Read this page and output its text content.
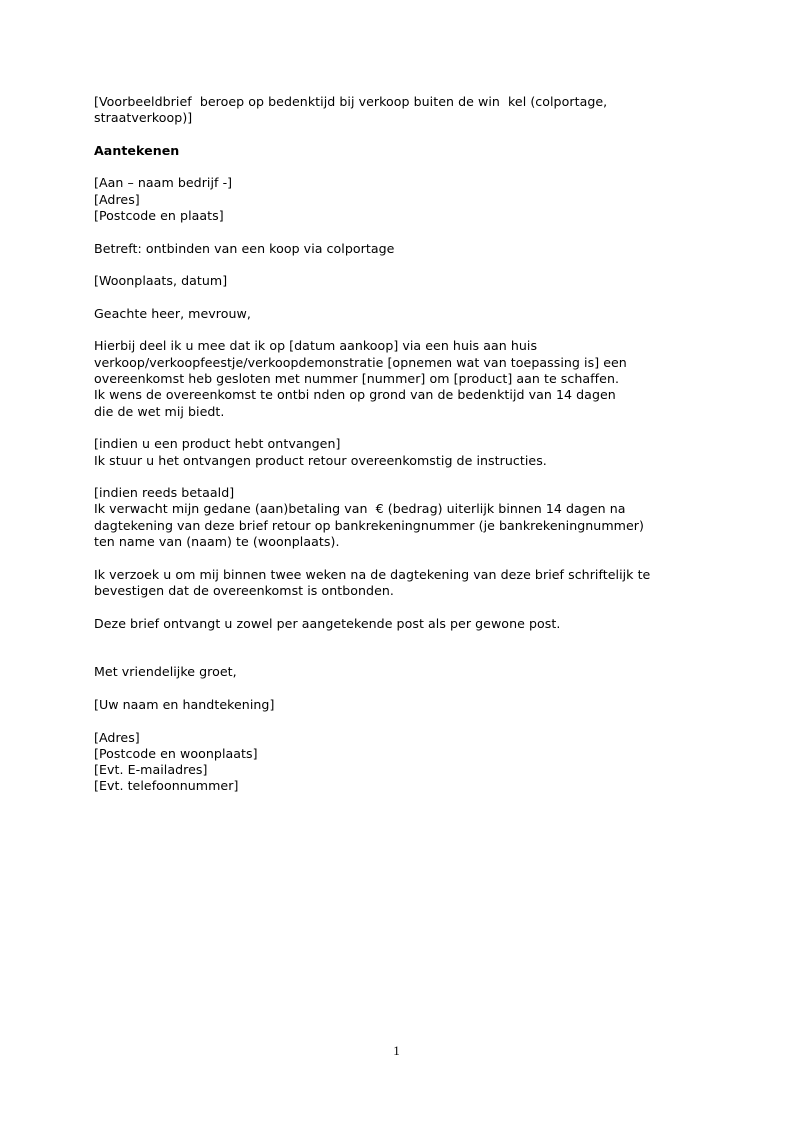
[Voorbeeldbrief  beroep op bedenktijd bij verkoop buiten de win  kel (colportage,
straatverkoop)]
Aantekenen
[Aan – naam bedrijf -]
[Adres]
[Postcode en plaats]
Betreft: ontbinden van een koop via colportage
[Woonplaats, datum]
Geachte heer, mevrouw,
Hierbij deel ik u mee dat ik op [datum aankoop] via een huis aan huis
verkoop/verkoopfeestje/verkoopdemonstratie [opnemen wat van toepassing is] een
overeenkomst heb gesloten met nummer [nummer] om [product] aan te schaffen.
Ik wens de overeenkomst te ontbi nden op grond van de bedenktijd van 14 dagen
die de wet mij biedt.
[indien u een product hebt ontvangen]
Ik stuur u het ontvangen product retour overeenkomstig de instructies.
[indien reeds betaald]
Ik verwacht mijn gedane (aan)betaling van  € (bedrag) uiterlijk binnen 14 dagen na
dagtekening van deze brief retour op bankrekeningnummer (je bankrekeningnummer)
ten name van (naam) te (woonplaats).
Ik verzoek u om mij binnen twee weken na de dagtekening van deze brief schriftelijk te
bevestigen dat de overeenkomst is ontbonden.
Deze brief ontvangt u zowel per aangetekende post als per gewone post.
Met vriendelijke groet,
[Uw naam en handtekening]
[Adres]
[Postcode en woonplaats]
[Evt. E-mailadres]
[Evt. telefoonnummer]
1
